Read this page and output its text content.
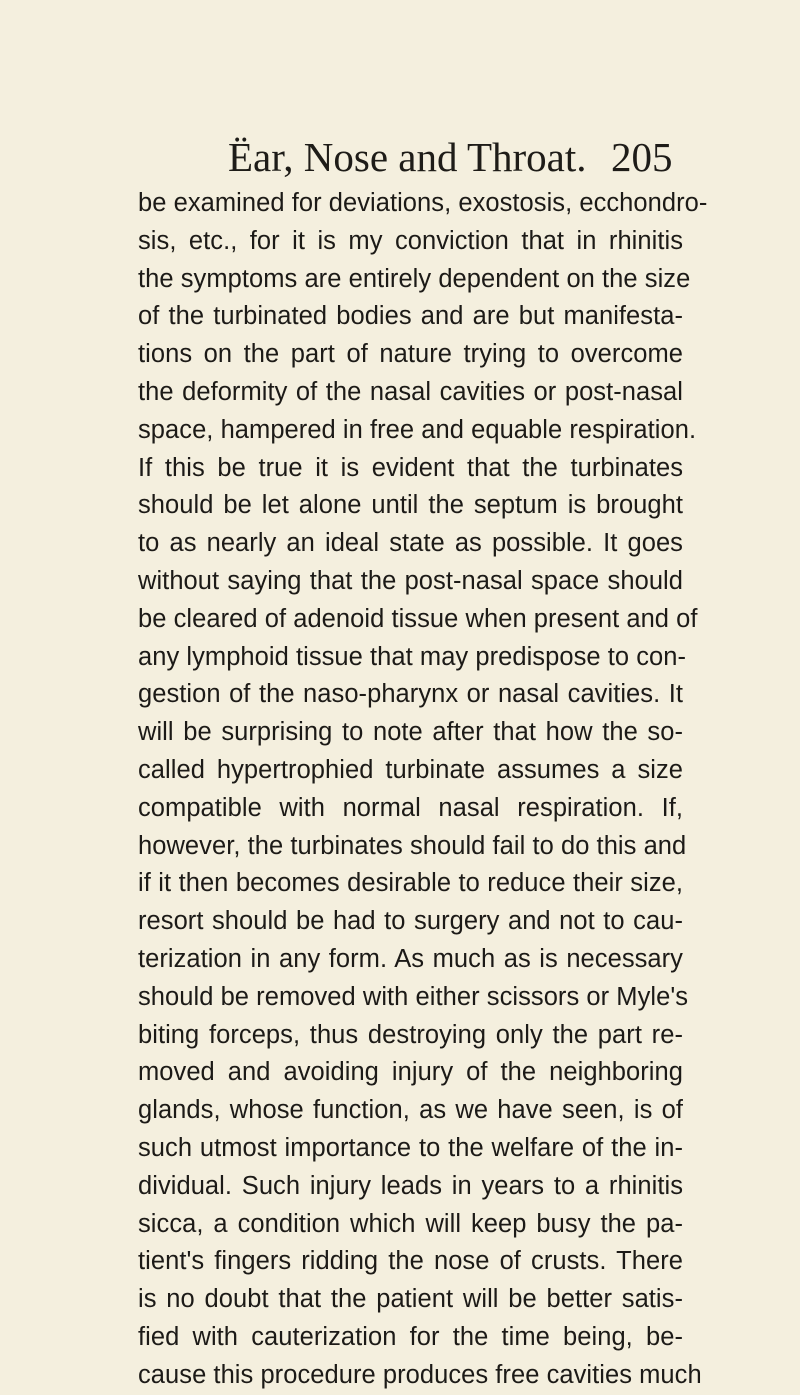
Ëar, Nose and Throat. 205
be examined for deviations, exostosis, ecchondro-
sis, etc., for it is my conviction that in rhinitis
the symptoms are entirely dependent on the size
of the turbinated bodies and are but manifesta-
tions on the part of nature trying to overcome
the deformity of the nasal cavities or post-nasal
space, hampered in free and equable respiration.
If this be true it is evident that the turbinates
should be let alone until the septum is brought
to as nearly an ideal state as possible. It goes
without saying that the post-nasal space should
be cleared of adenoid tissue when present and of
any lymphoid tissue that may predispose to con-
gestion of the naso-pharynx or nasal cavities. It
will be surprising to note after that how the so-
called hypertrophied turbinate assumes a size
compatible with normal nasal respiration. If,
however, the turbinates should fail to do this and
if it then becomes desirable to reduce their size,
resort should be had to surgery and not to cau-
terization in any form. As much as is necessary
should be removed with either scissors or Myle's
biting forceps, thus destroying only the part re-
moved and avoiding injury of the neighboring
glands, whose function, as we have seen, is of
such utmost importance to the welfare of the in-
dividual. Such injury leads in years to a rhinitis
sicca, a condition which will keep busy the pa-
tient's fingers ridding the nose of crusts. There
is no doubt that the patient will be better satis-
fied with cauterization for the time being, be-
cause this procedure produces free cavities much
